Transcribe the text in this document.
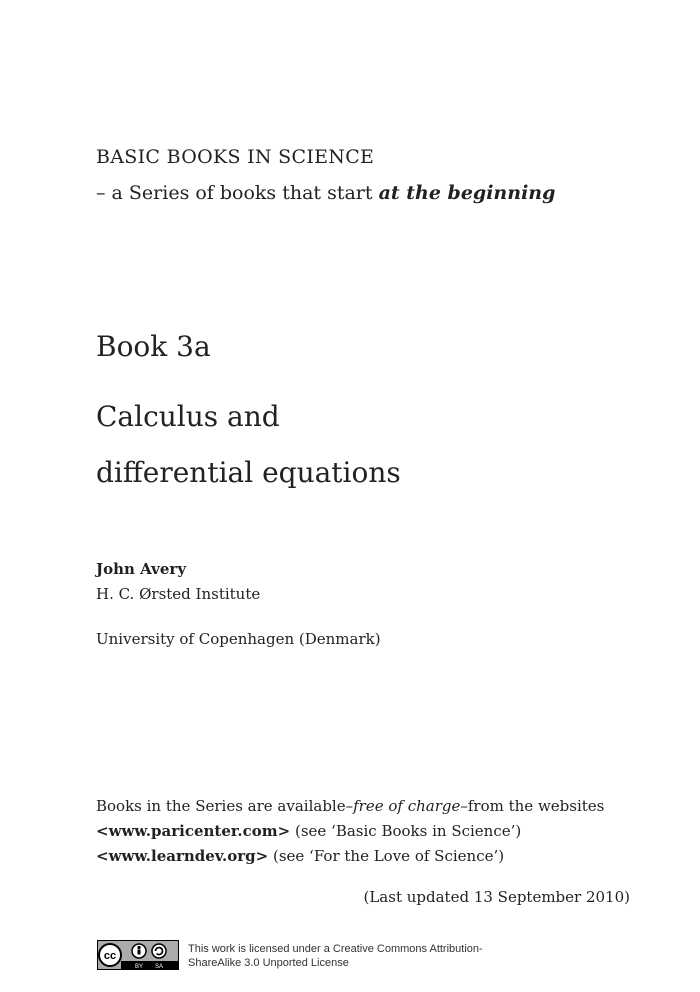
BASIC BOOKS IN SCIENCE
– a Series of books that start at the beginning
Book 3a
Calculus and
differential equations
John Avery
H. C. Ørsted Institute
University of Copenhagen (Denmark)
Books in the Series are available–free of charge–from the websites
<www.paricenter.com> (see ‘Basic Books in Science’)
<www.learndev.org> (see ‘For the Love of Science’)
(Last updated 13 September 2010)
cc
BY SA
This work is licensed under a Creative Commons Attribution-ShareAlike 3.0 Unported License
